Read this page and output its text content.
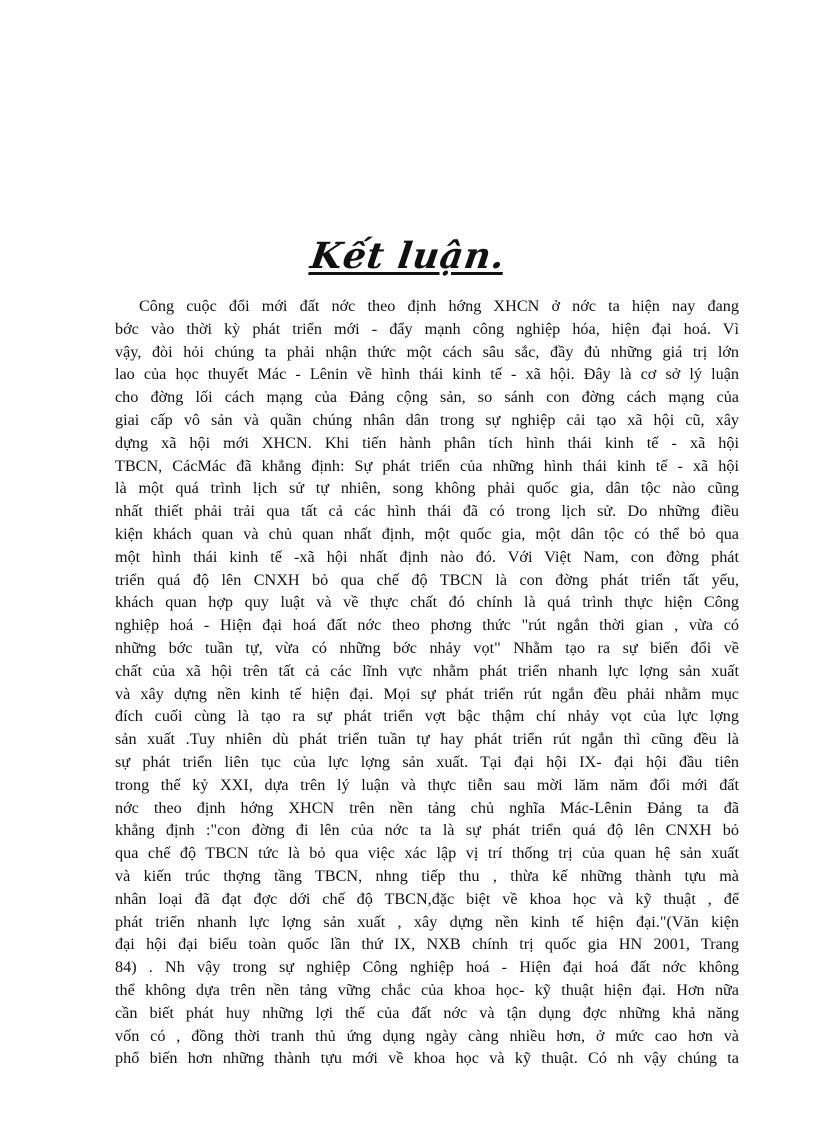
Kết luận.
Công cuộc đổi mới đất nớc theo định hớng XHCN ở nớc ta hiện nay đang
bớc vào thời kỳ phát triển mới - đẩy mạnh công nghiệp hóa, hiện đại hoá. Vì
vậy, đòi hỏi chúng ta phải nhận thức một cách sâu sắc, đầy đủ những giá trị lớn
lao của học thuyết Mác - Lênin về hình thái kinh tế - xã hội. Đây là cơ sở lý luận
cho đờng lối cách mạng của Đảng cộng sản, so sánh con đờng cách mạng của
giai cấp vô sản và quần chúng nhân dân trong sự nghiệp cải tạo xã hội cũ, xây
dựng xã hội mới XHCN. Khi tiến hành phân tích hình thái kinh tế - xã hội
TBCN, CácMác đã khẳng định: Sự phát triển của những hình thái kinh tế - xã hội
là một quá trình lịch sử tự nhiên, song không phải quốc gia, dân tộc nào cũng
nhất thiết phải trải qua tất cả các hình thái đã có trong lịch sử. Do những điều
kiện khách quan và chủ quan nhất định, một quốc gia, một dân tộc có thể bỏ qua
một hình thái kinh tế -xã hội nhất định nào đó. Với Việt Nam, con đờng phát
triển quá độ lên CNXH bỏ qua chế độ TBCN là con đờng phát triển tất yếu,
khách quan hợp quy luật và về thực chất đó chính là quá trình thực hiện Công
nghiệp hoá - Hiện đại hoá đất nớc theo phơng thức "rút ngắn thời gian , vừa có
những bớc tuần tự, vừa có những bớc nhảy vọt" Nhằm tạo ra sự biến đổi về
chất của xã hội trên tất cả các lĩnh vực nhằm phát triển nhanh lực lợng sản xuất
và xây dựng nền kinh tế hiện đại. Mọi sự phát triển rút ngắn đều phải nhằm mục
đích cuối cùng là tạo ra sự phát triển vợt bậc thậm chí nhảy vọt của lực lợng
sản xuất .Tuy nhiên dù phát triển tuần tự hay phát triển rút ngắn thì cũng đều là
sự phát triển liên tục của lực lợng sản xuất. Tại đại hội IX- đại hội đầu tiên
trong thế kỷ XXI, dựa trên lý luận và thực tiễn sau mời lăm năm đổi mới đất
nớc theo định hớng XHCN trên nền tảng chủ nghĩa Mác-Lênin Đảng ta đã
khẳng định :"con đờng đi lên của nớc ta là sự phát triển quá độ lên CNXH bỏ
qua chế độ TBCN tức là bỏ qua việc xác lập vị trí thống trị của quan hệ sản xuất
và kiến trúc thợng tầng TBCN, nhng tiếp thu , thừa kế những thành tựu mà
nhân loại đã đạt đợc dới chế độ TBCN,đặc biệt về khoa học và kỹ thuật , để
phát triển nhanh lực lợng sản xuất , xây dựng nền kinh tế hiện đại."(Văn kiện
đại hội đại biểu toàn quốc lần thứ IX, NXB chính trị quốc gia HN 2001, Trang
84) . Nh vậy trong sự nghiệp Công nghiệp hoá - Hiện đại hoá đất nớc không
thể không dựa trên nền tảng vững chắc của khoa học- kỹ thuật hiện đại. Hơn nữa
cần biết phát huy những lợi thế của đất nớc và tận dụng đợc những khả năng
vốn có , đồng thời tranh thủ ứng dụng ngày càng nhiều hơn, ở mức cao hơn và
phổ biến hơn những thành tựu mới về khoa học và kỹ thuật. Có nh vậy chúng ta
